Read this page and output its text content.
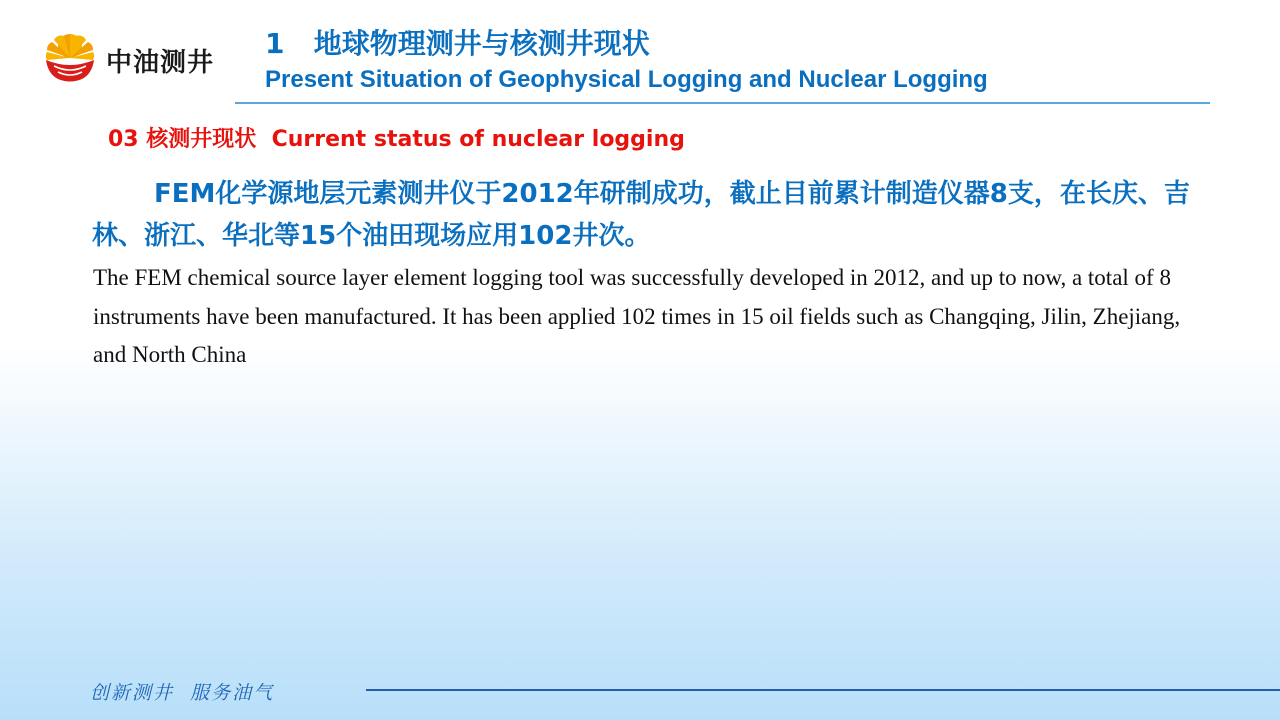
中油测井
1   地球物理测井与核测井现状
Present Situation of Geophysical Logging and Nuclear Logging
03 核测井现状  Current status of nuclear logging
FEM化学源地层元素测井仪于2012年研制成功，截止目前累计制造仪器8支，在长庆、吉林、浙江、华北等15个油田现场应用102井次。
The FEM chemical source layer element logging tool was successfully developed in 2012, and up to now, a total of 8 instruments have been manufactured. It has been applied 102 times in 15 oil fields such as Changqing, Jilin, Zhejiang, and North China
创新测井  服务油气
